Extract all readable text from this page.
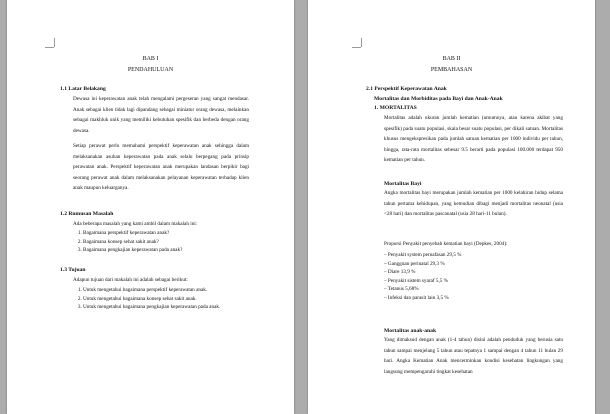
BAB I
PENDAHULUAN
1.1 Latar Belakang
Dewasa ini keperawatan anak telah mengalami pergeseran yang sangat mendasar. Anak sebagai klien tidak lagi dipandang sebagai miniatur orang dewasa, melainkan sebagai makhluk unik yang memiliki kebutuhan spesifik dan berbeda dengan orang dewasa.
Setiap perawat perlu memahami perspektif keperawatan anak sehingga dalam melaksanakan asuhan keperawatan pada anak selalu berpegang pada prinsip perawatan anak. Perspektif keperawatan anak merupakan landasan berpikir bagi seorang perawat anak dalam melaksanakan pelayanan keperawatan terhadap klien anak maupun keluarganya.
1.2 Rumusan Masalah
Ada beberapa masalah yang kami ambil dalam makalah ini:
1. Bagaimana perspektif keperawatan anak?
2. Bagaimana konsep sehat sakit anak?
3. Bagaimana pengkajian keperawatan pada anak?
1.3 Tujuan
Adapun tujuan dari makalah ini adalah sebagai berikut:
1. Untuk mengetahui bagaimana perspektif keperawatan anak.
2. Untuk mengetahui bagaimana konsep sehat sakit anak.
3. Untuk mengetahui bagaimana pengkajian keperawatan pada anak.
BAB II
PEMBAHASAN
2.1 Perspektif Keperawatan Anak
Mortalitas dan Morbiditas pada Bayi dan Anak-Anak
1. MORTALITAS
Mortalitas adalah ukuran jumlah kematian (umumnya, atau karena akibat yang spesifik) pada suatu populasi, skala besar suatu populasi, per dikali satuan. Mortalitas khusus mengekspresikan pada jumlah satuan kematian per 1000 individu per tahun, hingga, rata-rata mortalitas sebesar 9.5 berarti pada populasi 100.000 terdapat 950 kematian per tahun.
Mortalitas Bayi
Angka mortalitas bayi merupakan jumlah kematian per 1000 kelahiran hidup selama tahun pertama kehidupan, yang kemudian dibagi menjadi mortalitas neonatal (usia <28 hari) dan mortalitas pascanatal (usia 28 hari-11 bulan).
Proporsi Penyakit penyebab kematian bayi (Depkes, 2004):
– Penyakit system pernafasan 29,5 %
– Gangguan perinatal 29,3 %
– Diare 13,9 %
– Penyakit sistem syaraf 5,5 %
– Tetanus 5,68%
– Infeksi dan parasit lain 3,5 %
Mortalitas anak-anak
Yang dimaksud dengan anak (1-4 tahun) disini adalah penduduk yang berusia satu tahun sampai menjelang 5 tahun atau tepatnya 1 sampai dengan 4 tahun 11 bulan 29 hari. Angka Kematian Anak mencerminkan kondisi kesehatan lingkungan yang langsung mempengaruhi tingkat kesehatan
